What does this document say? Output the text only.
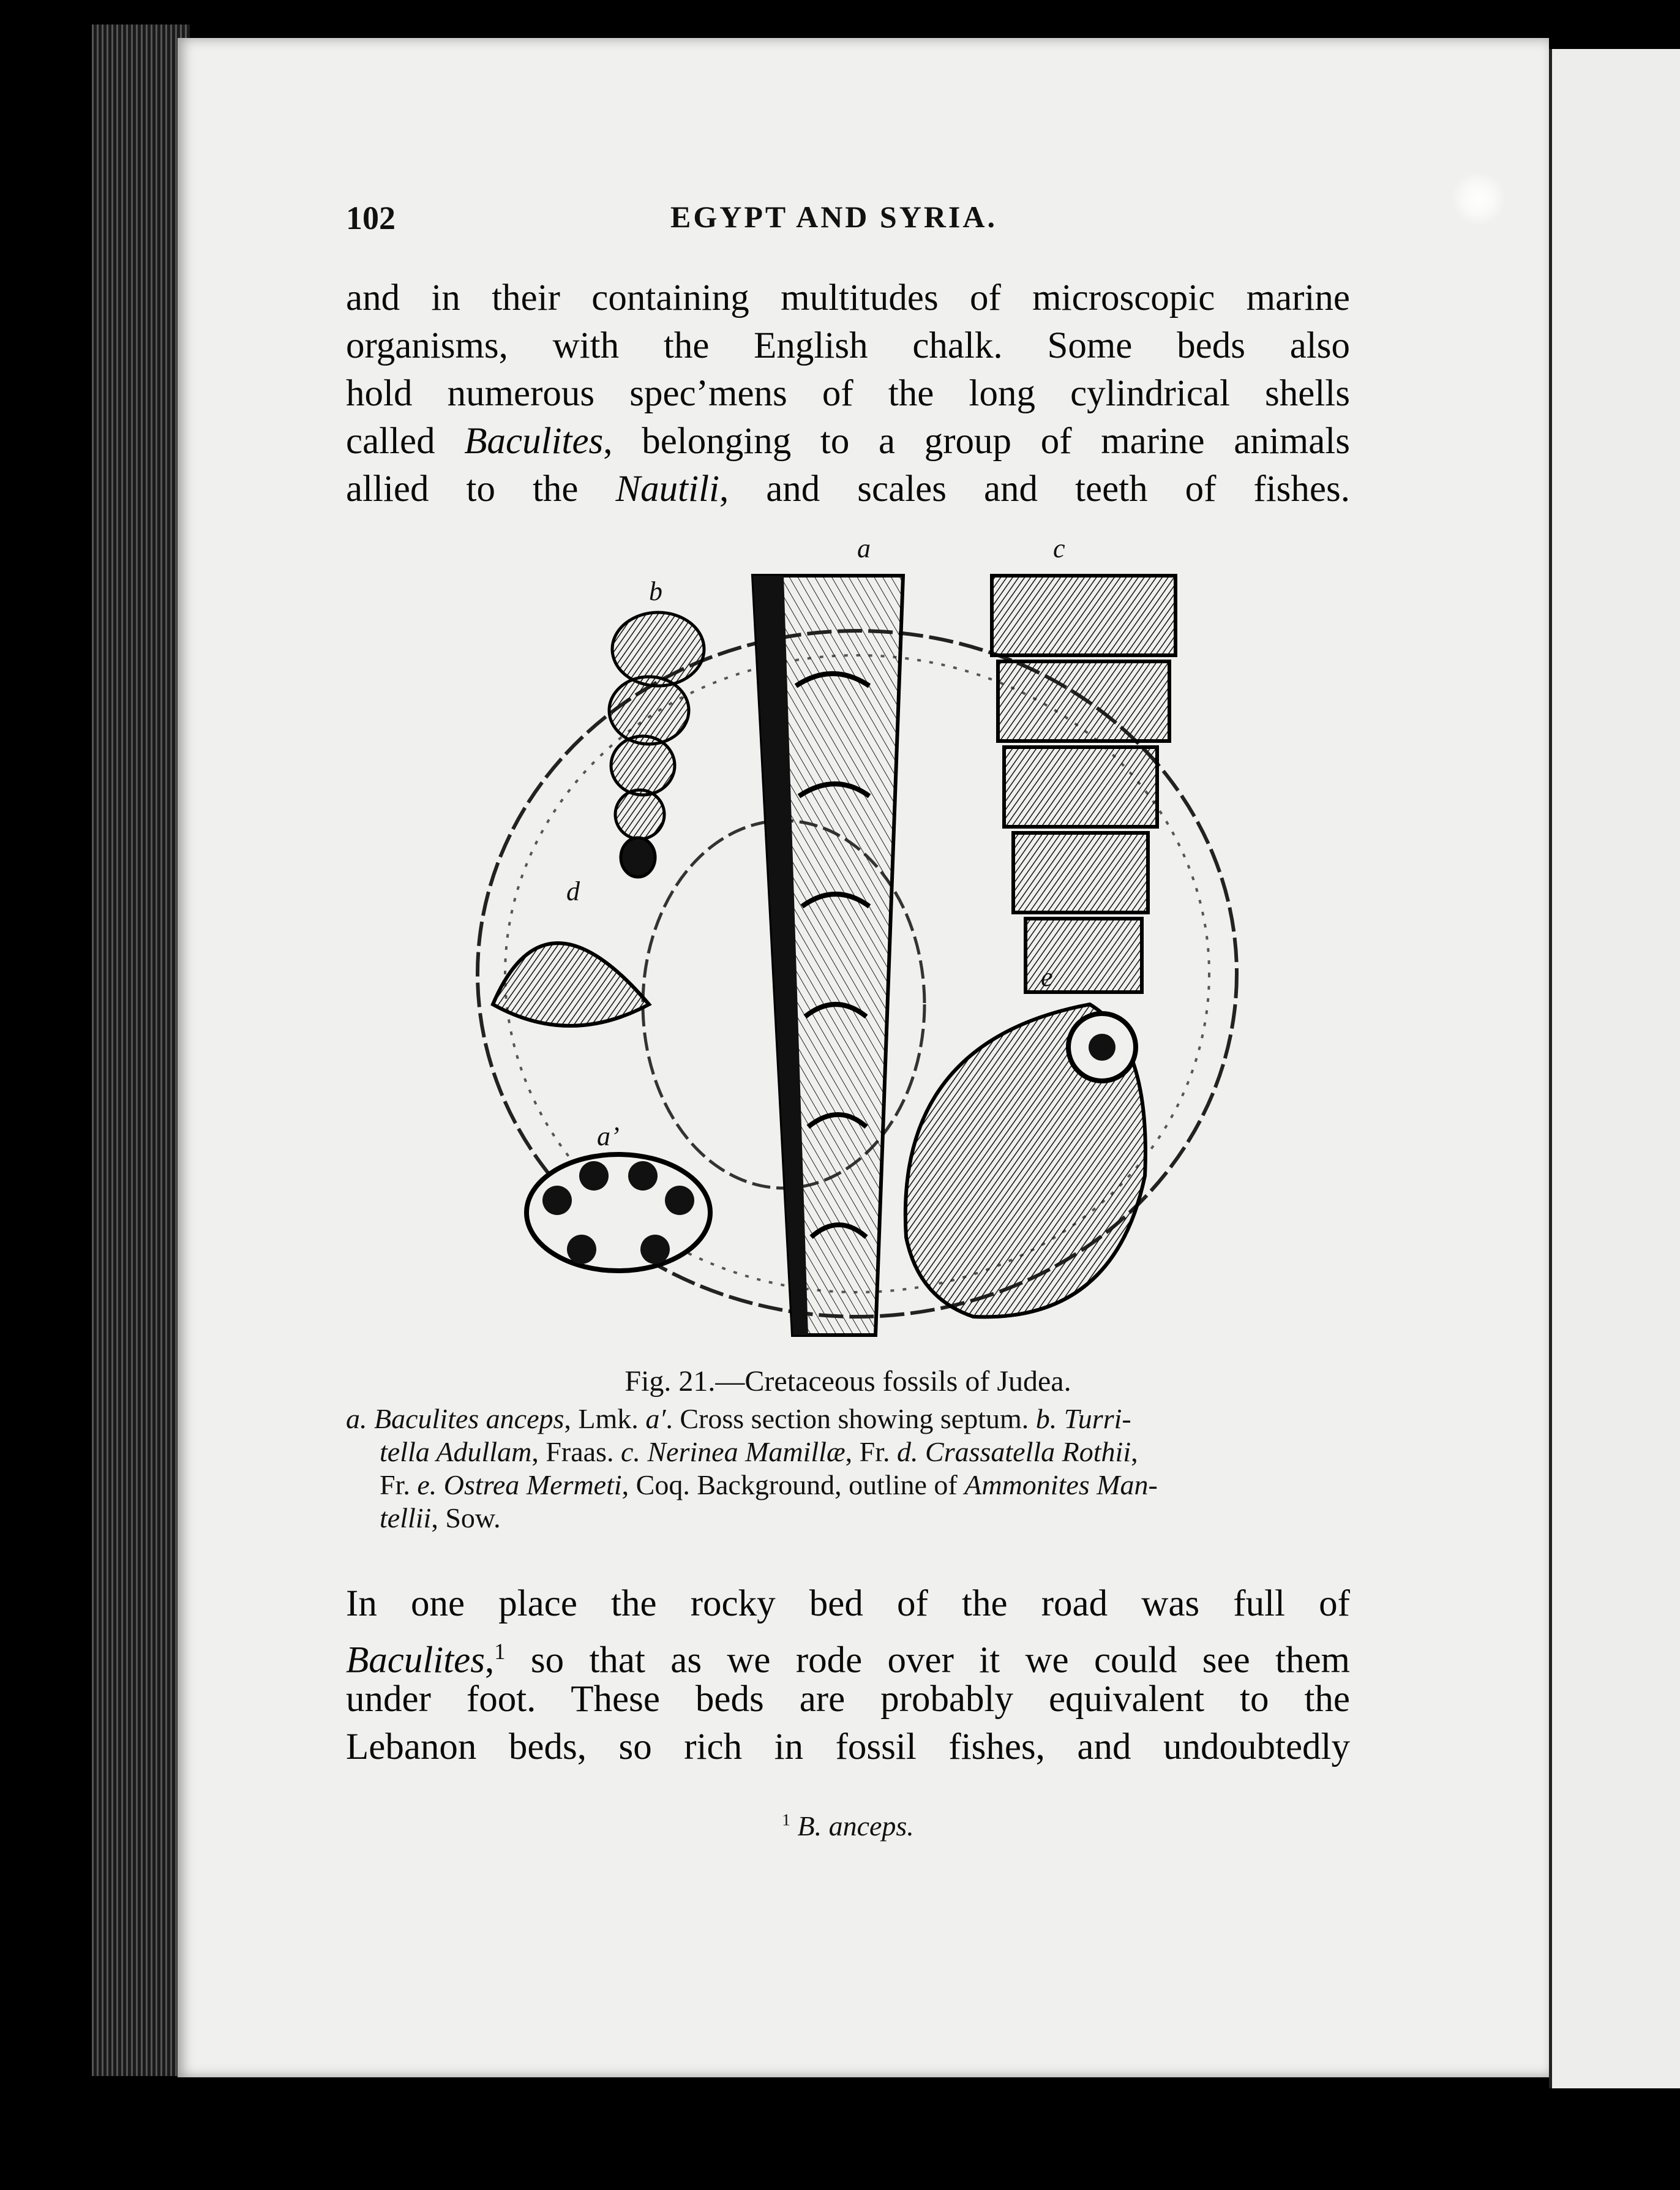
102	EGYPT AND SYRIA.
and in their containing multitudes of microscopic marine
organisms, with the English chalk. Some beds also
hold numerous spec’mens of the long cylindrical shells
called Baculites, belonging to a group of marine animals
allied to the Nautili, and scales and teeth of fishes.
a
b
c
d
e
a’
Fig. 21.—Cretaceous fossils of Judea.
a. Baculites anceps, Lmk. a′. Cross section showing septum. b. Turri-
tella Adullam, Fraas. c. Nerinea Mamillæ, Fr. d. Crassatella Rothii,
Fr. e. Ostrea Mermeti, Coq. Background, outline of Ammonites Man-
tellii, Sow.
In one place the rocky bed of the road was full of
Baculites,$^1$ so that as we rode over it we could see them
under foot. These beds are probably equivalent to the
Lebanon beds, so rich in fossil fishes, and undoubtedly
$^1$ B. anceps.
